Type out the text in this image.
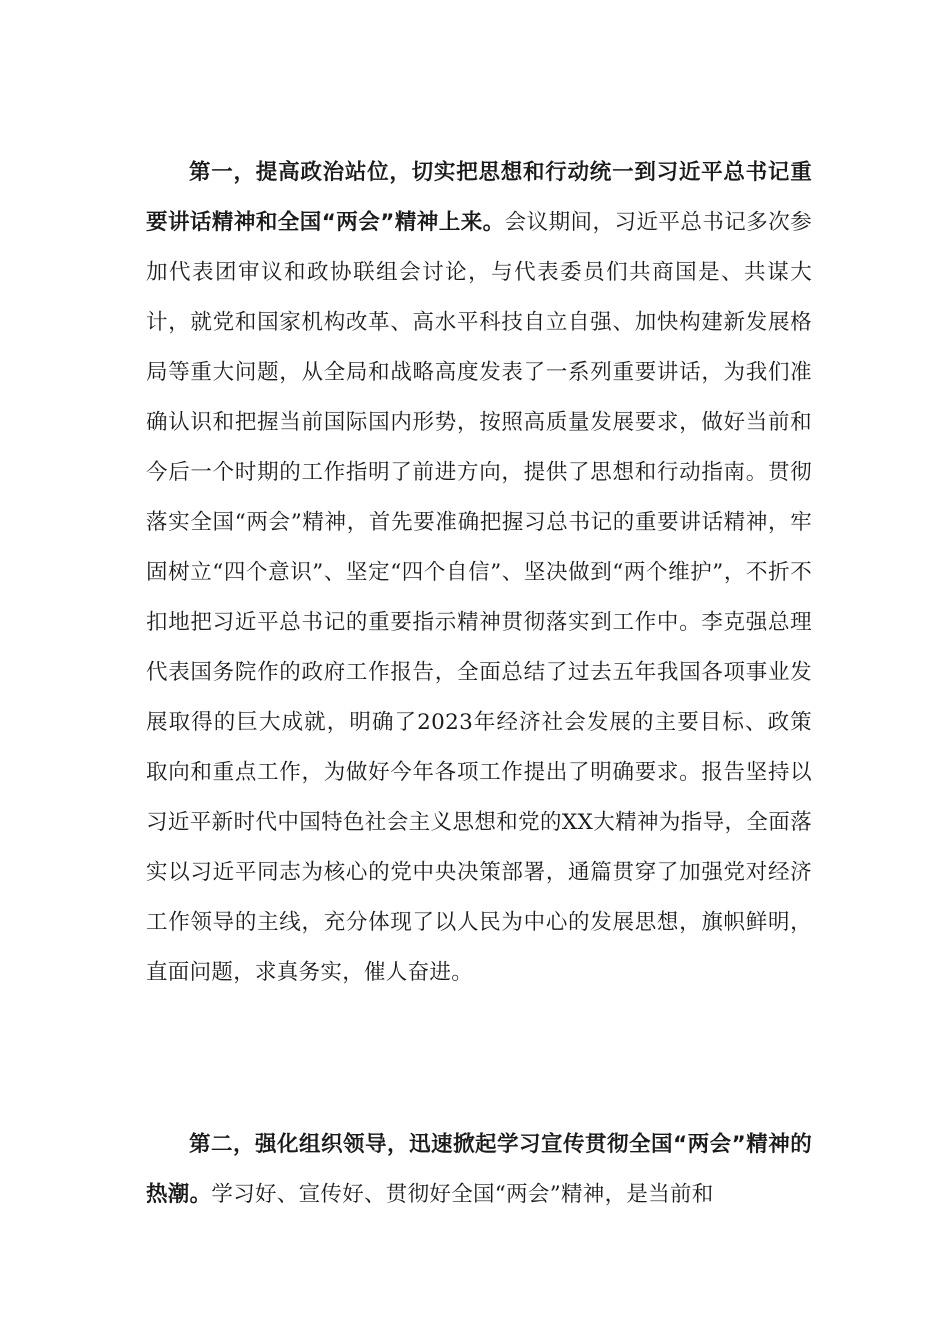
第一，提高政治站位，切实把思想和行动统一到习近平总书记重要讲话精神和全国“两会”精神上来。会议期间，习近平总书记多次参加代表团审议和政协联组会讨论，与代表委员们共商国是、共谋大计，就党和国家机构改革、高水平科技自立自强、加快构建新发展格局等重大问题，从全局和战略高度发表了一系列重要讲话，为我们准确认识和把握当前国际国内形势，按照高质量发展要求，做好当前和今后一个时期的工作指明了前进方向，提供了思想和行动指南。贯彻落实全国“两会”精神，首先要准确把握习总书记的重要讲话精神，牢固树立“四个意识”、坚定“四个自信”、坚决做到“两个维护”，不折不扣地把习近平总书记的重要指示精神贯彻落实到工作中。李克强总理代表国务院作的政府工作报告，全面总结了过去五年我国各项事业发展取得的巨大成就，明确了2023年经济社会发展的主要目标、政策取向和重点工作，为做好今年各项工作提出了明确要求。报告坚持以习近平新时代中国特色社会主义思想和党的XX大精神为指导，全面落实以习近平同志为核心的党中央决策部署，通篇贯穿了加强党对经济工作领导的主线，充分体现了以人民为中心的发展思想，旗帜鲜明，直面问题，求真务实，催人奋进。

第二，强化组织领导，迅速掀起学习宣传贯彻全国“两会”精神的热潮。学习好、宣传好、贯彻好全国“两会”精神，是当前和
